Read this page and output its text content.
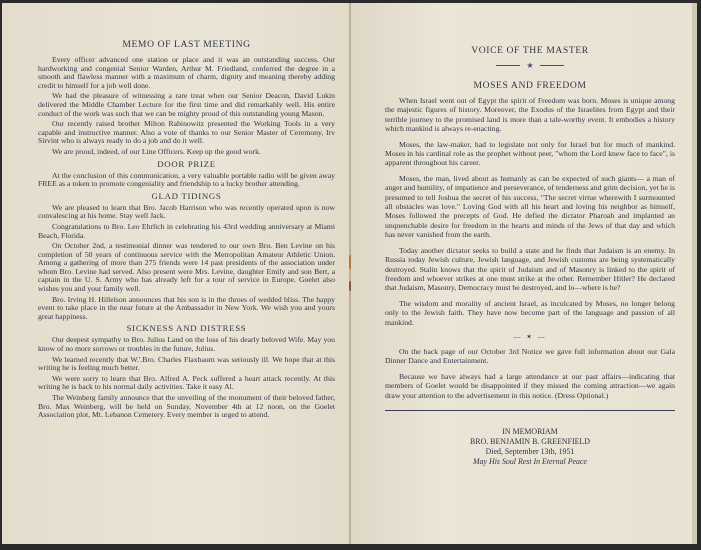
MEMO OF LAST MEETING

Every officer advanced one station or place and it was an outstanding success. Our hardworking and congenial Senior Warden, Arthur M. Friedland, conferred the degree in a smooth and flawless manner with a maximum of charm, dignity and meaning thereby adding credit to himself for a job well done.

We had the pleasure of witnessing a rare treat when our Senior Deacon, David Lukin delivered the Middle Chamber Lecture for the first time and did remarkably well. His entire conduct of the work was such that we can be mighty proud of this outstanding young Mason.

Our recently raised brother Milton Rabinowitz presented the Working Tools in a very capable and instructive manner. Also a vote of thanks to our Senior Master of Ceremony, Irv Sirvint who is always ready to do a job and do it well.

We are proud, indeed, of our Line Officers. Keep up the good work.

DOOR PRIZE

At the conclusion of this communication, a very valuable portable radio will be given away FREE as a token to promote congeniality and friendship to a lucky brother attending.

GLAD TIDINGS

We are pleased to learn that Bro. Jacob Harrison who was recently operated upon is now convalescing at his home. Stay well Jack.

Congratulations to Bro. Leo Ehrlich in celebrating his 43rd wedding anniversary at Miami Beach, Florida.

On October 2nd, a testimonial dinner was tendered to our own Bro. Ben Levine on his completion of 50 years of continuous service with the Metropolitan Amateur Athletic Union. Among a gathering of more than 275 friends were 14 past presidents of the association under whom Bro. Levine had served. Also present were Mrs. Levine, daughter Emily and son Bert, a captain in the U. S. Army who has already left for a tour of service in Europe. Goelet also wishes you and your family well.

Bro. Irving H. Hillelson announces that his son is in the throes of wedded bliss. The happy event to take place in the near future at the Ambassador in New York. We wish you and yours great happiness.

SICKNESS AND DISTRESS

Our deepest sympathy to Bro. Julius Land on the loss of his dearly beloved Wife. May you know of no more sorrows or troubles in the future, Julius.

We learned recently that W.'.Bro. Charles Flaxbaum was seriously ill. We hope that at this writing he is feeling much better.

We were sorry to learn that Bro. Alfred A. Peck suffered a heart attack recently. At this writing he is back to his normal daily activities. Take it easy Al.

The Weinberg family announce that the unveiling of the monument of their beloved father, Bro. Max Weinberg, will be held on Sunday, November 4th at 12 noon, on the Goelet Association plot, Mt. Lebanon Cemetery. Every member is urged to attend.

VOICE OF THE MASTER
★
MOSES AND FREEDOM

When Israel went out of Egypt the spirit of Freedom was born. Moses is unique among the majestic figures of history. Moreover, the Exodus of the Israelites from Egypt and their terrible journey to the promised land is more than a tale-worthy event. It embodies a history which mankind is always re-enacting.

Moses, the law-maker, had to legislate not only for Israel but for much of mankind. Moses in his cardinal role as the prophet without peer, "whom the Lord knew face to face", is apparent throughout his career.

Moses, the man, lived about as humanly as can be expected of such giants— a man of anger and humility, of impatience and perseverance, of tenderness and grim decision, yet he is presumed to tell Joshua the secret of his success, "The secret virtue wherewith I surmounted all obstacles was love." Loving God with all his heart and loving his neighbor as himself, Moses followed the precepts of God. He defied the dictator Pharoah and implanted an unquenchable desire for freedom in the hearts and minds of the Jews of that day and which has never vanished from the earth.

Today another dictator seeks to build a state and he finds that Judaism is an enemy. In Russia today Jewish culture, Jewish language, and Jewish customs are being systematically destroyed. Stalin knows that the spirit of Judaism and of Masonry is linked to the spirit of freedom and whoever strikes at one must strike at the other. Remember Hitler? He declared that Judaism, Masonry, Democracy must be destroyed, and lo—where is he?

The wisdom and morality of ancient Israel, as inculcated by Moses, no longer belong only to the Jewish faith. They have now become part of the language and passion of all mankind.

— ✶ —

On the back page of our October 3rd Notice we gave full information about our Gala Dinner Dance and Entertainment.

Because we have always had a large attendance at our past affairs—indicating that members of Goelet would be disappointed if they missed the coming attraction—we again draw your attention to the advertisement in this notice. (Dress Optional.)

IN MEMORIAM
BRO. BENJAMIN B. GREENFIELD
Died, September 13th, 1951
May His Soul Rest In Eternal Peace
